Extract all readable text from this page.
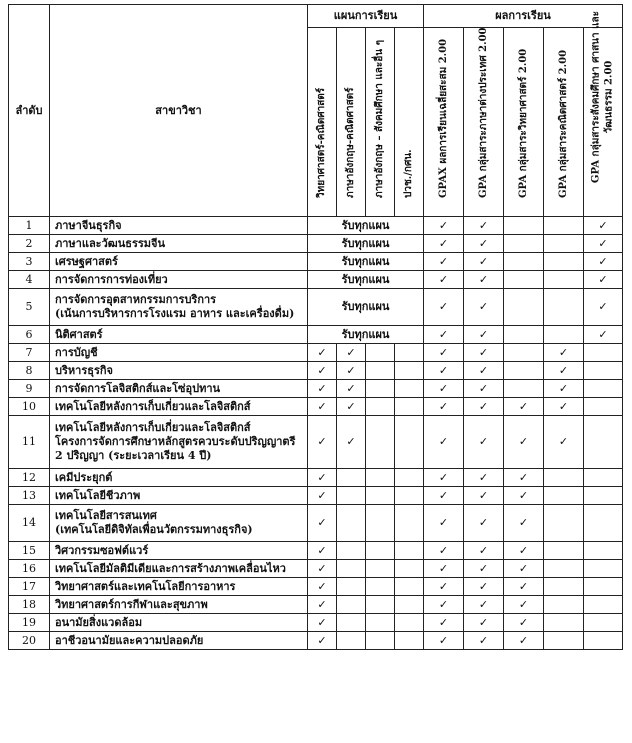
ลำดับ	สาขาวิชา	แผนการเรียน				ผลการเรียน				

		วิทยาศาสตร์-คณิตศาสตร์	ภาษาอังกฤษ-คณิตศาสตร์	ภาษาอังกฤษ – สังคมศึกษา และอื่น ๆ	ปวช./กศน.	GPAX ผลการเรียนเฉลี่ยสะสม 2.00	GPA กลุ่มสาระภาษาต่างประเทศ 2.00	GPA กลุ่มสาระวิทยาศาสตร์ 2.00	GPA กลุ่มสาระคณิตศาสตร์ 2.00	GPA กลุ่มสาระสังคมศึกษา ศาสนา และวัฒนธรรม 2.00

1	ภาษาจีนธุรกิจ	รับทุกแผน				✓	✓			✓
2	ภาษาและวัฒนธรรมจีน	รับทุกแผน				✓	✓			✓
3	เศรษฐศาสตร์	รับทุกแผน				✓	✓			✓
4	การจัดการการท่องเที่ยว	รับทุกแผน				✓	✓			✓
5	การจัดการอุตสาหกรรมการบริการ
(เน้นการบริหารการโรงแรม อาหาร และเครื่องดื่ม)	รับทุกแผน				✓	✓			✓
6	นิติศาสตร์	รับทุกแผน				✓	✓			✓
7	การบัญชี	✓	✓			✓	✓		✓	
8	บริหารธุรกิจ	✓	✓			✓	✓		✓	
9	การจัดการโลจิสติกส์และโซ่อุปทาน	✓	✓			✓	✓		✓	
10	เทคโนโลยีหลังการเก็บเกี่ยวและโลจิสติกส์	✓	✓			✓	✓	✓	✓	
11	เทคโนโลยีหลังการเก็บเกี่ยวและโลจิสติกส์
โครงการจัดการศึกษาหลักสูตรควบระดับปริญญาตรี
2 ปริญญา (ระยะเวลาเรียน 4 ปี)	✓	✓			✓	✓	✓	✓	
12	เคมีประยุกต์	✓				✓	✓	✓		
13	เทคโนโลยีชีวภาพ	✓				✓	✓	✓		
14	เทคโนโลยีสารสนเทศ
(เทคโนโลยีดิจิทัลเพื่อนวัตกรรมทางธุรกิจ)	✓				✓	✓	✓		
15	วิศวกรรมซอฟต์แวร์	✓				✓	✓	✓		
16	เทคโนโลยีมัลติมีเดียและการสร้างภาพเคลื่อนไหว	✓				✓	✓	✓		
17	วิทยาศาสตร์และเทคโนโลยีการอาหาร	✓				✓	✓	✓		
18	วิทยาศาสตร์การกีฬาและสุขภาพ	✓				✓	✓	✓		
19	อนามัยสิ่งแวดล้อม	✓				✓	✓	✓		
20	อาชีวอนามัยและความปลอดภัย	✓				✓	✓	✓		
